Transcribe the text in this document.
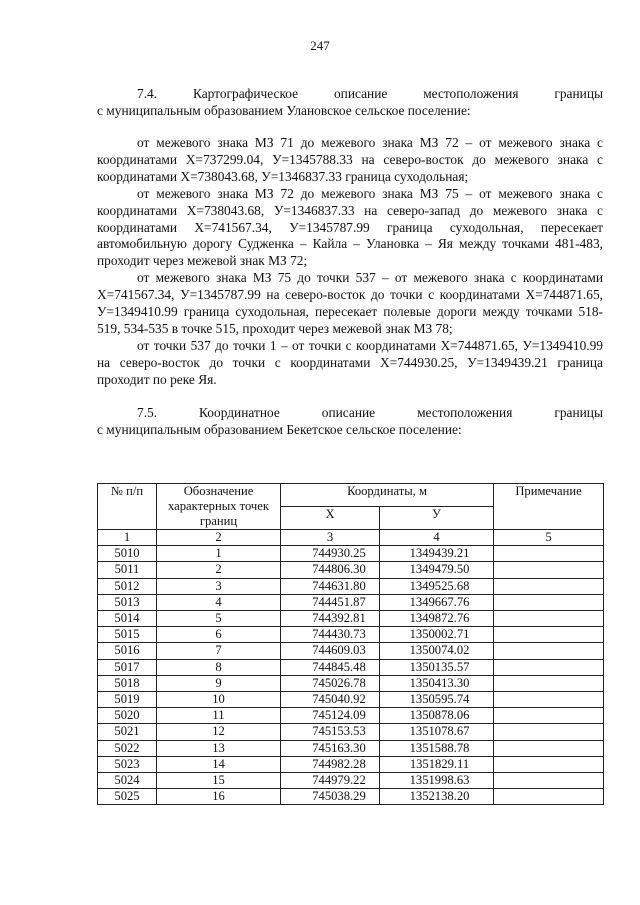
247
7.4.	Картографическое	описание	местоположения	границы

с муниципальным образованием Улановское сельское поселение:

от межевого знака МЗ 71 до межевого знака МЗ 72 – от межевого знака с координатами Х=737299.04, У=1345788.33 на северо-восток до межевого знака с координатами Х=738043.68, У=1346837.33 граница суходольная;

от межевого знака МЗ 72 до межевого знака МЗ 75 – от межевого знака с координатами Х=738043.68, У=1346837.33 на северо-запад до межевого знака с координатами Х=741567.34, У=1345787.99 граница суходольная, пересекает автомобильную дорогу Судженка – Кайла – Улановка – Яя между точками 481-483, проходит через межевой знак МЗ 72;

от межевого знака МЗ 75 до точки 537 – от межевого знака с координатами Х=741567.34, У=1345787.99 на северо-восток до точки с координатами Х=744871.65, У=1349410.99 граница суходольная, пересекает полевые дороги между точками 518-519, 534-535 в точке 515, проходит через межевой знак МЗ 78;

от точки 537 до точки 1 – от точки с координатами Х=744871.65, У=1349410.99 на северо-восток до точки с координатами Х=744930.25, У=1349439.21 граница проходит по реке Яя.

7.5.	Координатное	описание	местоположения	границы

с муниципальным образованием Бекетское сельское поселение:

№ п/п	Обозначение характерных точек границ	Координаты, м		Примечание
		X	У	
1	2	3	4	5
5010	1	744930.25	1349439.21	
5011	2	744806.30	1349479.50	
5012	3	744631.80	1349525.68	
5013	4	744451.87	1349667.76	
5014	5	744392.81	1349872.76	
5015	6	744430.73	1350002.71	
5016	7	744609.03	1350074.02	
5017	8	744845.48	1350135.57	
5018	9	745026.78	1350413.30	
5019	10	745040.92	1350595.74	
5020	11	745124.09	1350878.06	
5021	12	745153.53	1351078.67	
5022	13	745163.30	1351588.78	
5023	14	744982.28	1351829.11	
5024	15	744979.22	1351998.63	
5025	16	745038.29	1352138.20	
